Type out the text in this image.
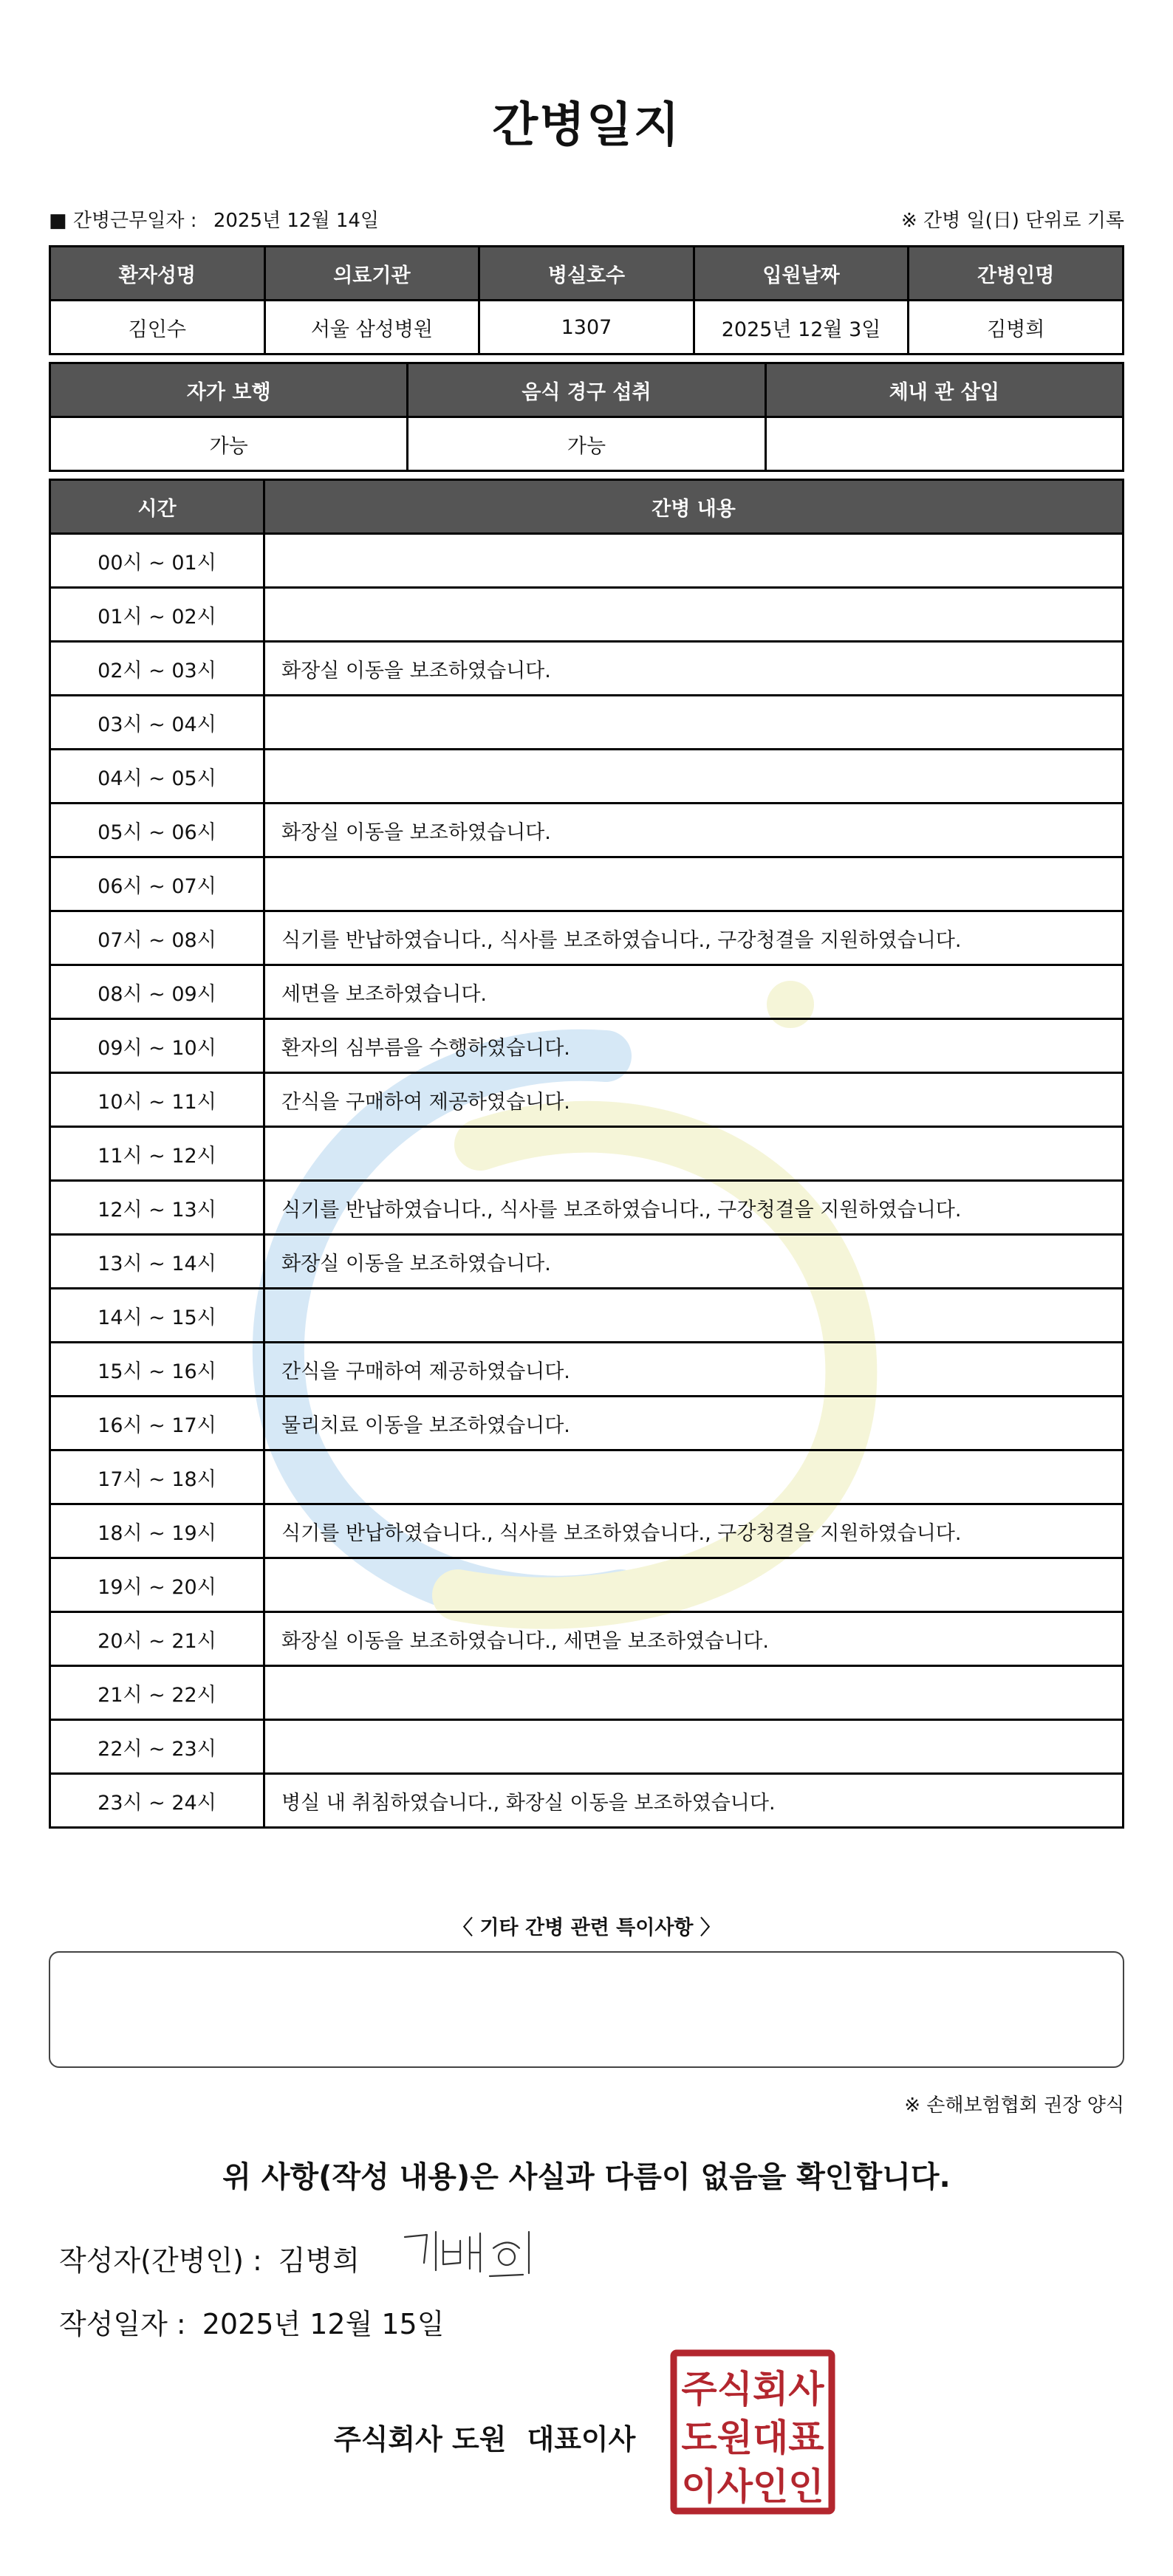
간병일지
■ 간병근무일자 : 2025년 12월 14일	※ 간병 일(日) 단위로 기록
환자성명	의료기관	병실호수	입원날짜	간병인명
김인수	서울 삼성병원	1307	2025년 12월 3일	김병희
자가 보행	음식 경구 섭취	체내 관 삽입
가능	가능	
시간	간병 내용
00시 ~ 01시	
01시 ~ 02시	
02시 ~ 03시	화장실 이동을 보조하였습니다.
03시 ~ 04시	
04시 ~ 05시	
05시 ~ 06시	화장실 이동을 보조하였습니다.
06시 ~ 07시	
07시 ~ 08시	식기를 반납하였습니다., 식사를 보조하였습니다., 구강청결을 지원하였습니다.
08시 ~ 09시	세면을 보조하였습니다.
09시 ~ 10시	환자의 심부름을 수행하였습니다.
10시 ~ 11시	간식을 구매하여 제공하였습니다.
11시 ~ 12시	
12시 ~ 13시	식기를 반납하였습니다., 식사를 보조하였습니다., 구강청결을 지원하였습니다.
13시 ~ 14시	화장실 이동을 보조하였습니다.
14시 ~ 15시	
15시 ~ 16시	간식을 구매하여 제공하였습니다.
16시 ~ 17시	물리치료 이동을 보조하였습니다.
17시 ~ 18시	
18시 ~ 19시	식기를 반납하였습니다., 식사를 보조하였습니다., 구강청결을 지원하였습니다.
19시 ~ 20시	
20시 ~ 21시	화장실 이동을 보조하였습니다., 세면을 보조하였습니다.
21시 ~ 22시	
22시 ~ 23시	
23시 ~ 24시	병실 내 취침하였습니다., 화장실 이동을 보조하였습니다.
〈 기타 간병 관련 특이사항 〉
※ 손해보험협회 권장 양식
위 사항(작성 내용)은 사실과 다름이 없음을 확인합니다.
작성자(간병인) : 김병희
작성일자 : 2025년 12월 15일
주식회사 도원 대표이사
주식회사
도원대표
이사인인
